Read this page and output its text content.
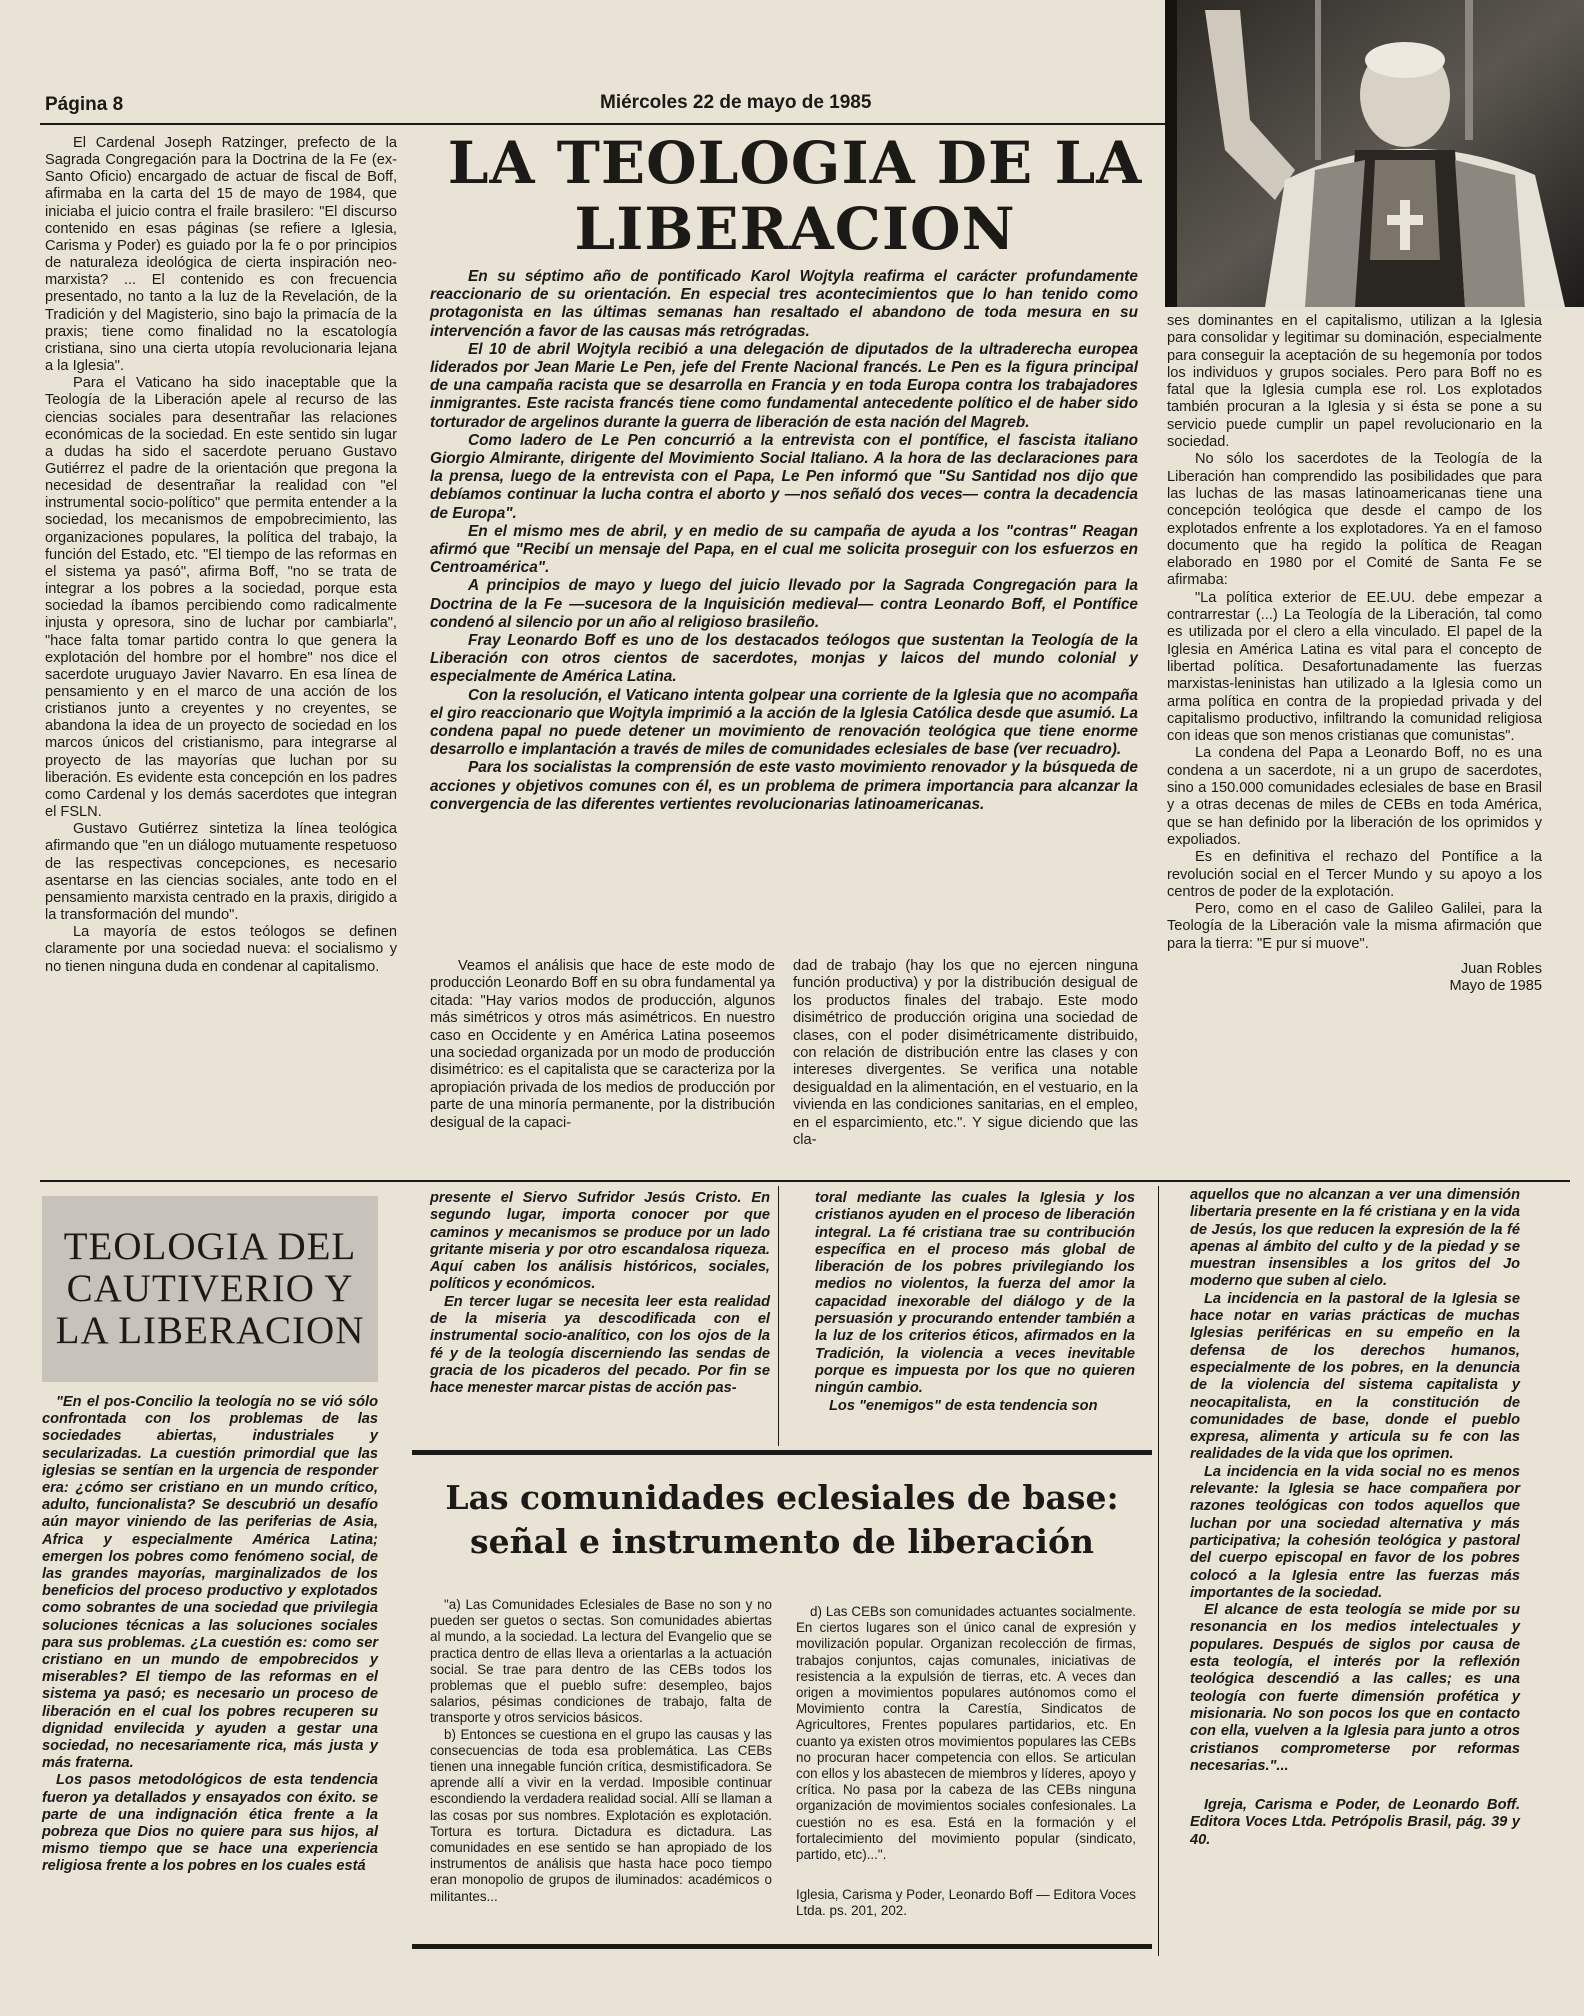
Página 8	Miércoles 22 de mayo de 1985
LA TEOLOGIA DE LA
LIBERACION

En su séptimo año de pontificado Karol Wojtyla reafirma el carácter profundamente reaccionario de su orientación. En especial tres acontecimientos que lo han tenido como protagonista en las últimas semanas han resaltado el abandono de toda mesura en su intervención a favor de las causas más retrógradas.

El 10 de abril Wojtyla recibió a una delegación de diputados de la ultraderecha europea liderados por Jean Marie Le Pen, jefe del Frente Nacional francés. Le Pen es la figura principal de una campaña racista que se desarrolla en Francia y en toda Europa contra los trabajadores inmigrantes. Este racista francés tiene como fundamental antecedente político el de haber sido torturador de argelinos durante la guerra de liberación de esta nación del Magreb.

Como ladero de Le Pen concurrió a la entrevista con el pontífice, el fascista italiano Giorgio Almirante, dirigente del Movimiento Social Italiano. A la hora de las declaraciones para la prensa, luego de la entrevista con el Papa, Le Pen informó que "Su Santidad nos dijo que debíamos continuar la lucha contra el aborto y —nos señaló dos veces— contra la decadencia de Europa".

En el mismo mes de abril, y en medio de su campaña de ayuda a los "contras" Reagan afirmó que "Recibí un mensaje del Papa, en el cual me solicita proseguir con los esfuerzos en Centroamérica".

A principios de mayo y luego del juicio llevado por la Sagrada Congregación para la Doctrina de la Fe —sucesora de la Inquisición medieval— contra Leonardo Boff, el Pontífice condenó al silencio por un año al religioso brasileño.

Fray Leonardo Boff es uno de los destacados teólogos que sustentan la Teología de la Liberación con otros cientos de sacerdotes, monjas y laicos del mundo colonial y especialmente de América Latina.

Con la resolución, el Vaticano intenta golpear una corriente de la Iglesia que no acompaña el giro reaccionario que Wojtyla imprimió a la acción de la Iglesia Católica desde que asumió. La condena papal no puede detener un movimiento de renovación teológica que tiene enorme desarrollo e implantación a través de miles de comunidades eclesiales de base (ver recuadro).

Para los socialistas la comprensión de este vasto movimiento renovador y la búsqueda de acciones y objetivos comunes con él, es un problema de primera importancia para alcanzar la convergencia de las diferentes vertientes revolucionarias latinoamericanas.

El Cardenal Joseph Ratzinger, prefecto de la Sagrada Congregación para la Doctrina de la Fe (ex-Santo Oficio) encargado de actuar de fiscal de Boff, afirmaba en la carta del 15 de mayo de 1984, que iniciaba el juicio contra el fraile brasilero: "El discurso contenido en esas páginas (se refiere a Iglesia, Carisma y Poder) es guiado por la fe o por principios de naturaleza ideológica de cierta inspiración neo-marxista? ... El contenido es con frecuencia presentado, no tanto a la luz de la Revelación, de la Tradición y del Magisterio, sino bajo la primacía de la praxis; tiene como finalidad no la escatología cristiana, sino una cierta utopía revolucionaria lejana a la Iglesia".

Para el Vaticano ha sido inaceptable que la Teología de la Liberación apele al recurso de las ciencias sociales para desentrañar las relaciones económicas de la sociedad. En este sentido sin lugar a dudas ha sido el sacerdote peruano Gustavo Gutiérrez el padre de la orientación que pregona la necesidad de desentrañar la realidad con "el instrumental socio-político" que permita entender a la sociedad, los mecanismos de empobrecimiento, las organizaciones populares, la política del trabajo, la función del Estado, etc. "El tiempo de las reformas en el sistema ya pasó", afirma Boff, "no se trata de integrar a los pobres a la sociedad, porque esta sociedad la íbamos percibiendo como radicalmente injusta y opresora, sino de luchar por cambiarla", "hace falta tomar partido contra lo que genera la explotación del hombre por el hombre" nos dice el sacerdote uruguayo Javier Navarro. En esa línea de pensamiento y en el marco de una acción de los cristianos junto a creyentes y no creyentes, se abandona la idea de un proyecto de sociedad en los marcos únicos del cristianismo, para integrarse al proyecto de las mayorías que luchan por su liberación. Es evidente esta concepción en los padres como Cardenal y los demás sacerdotes que integran el FSLN.

Gustavo Gutiérrez sintetiza la línea teológica afirmando que "en un diálogo mutuamente respetuoso de las respectivas concepciones, es necesario asentarse en las ciencias sociales, ante todo en el pensamiento marxista centrado en la praxis, dirigido a la transformación del mundo".

La mayoría de estos teólogos se definen claramente por una sociedad nueva: el socialismo y no tienen ninguna duda en condenar al capitalismo.	Veamos el análisis que hace de este modo de producción Leonardo Boff en su obra fundamental ya citada: "Hay varios modos de producción, algunos más simétricos y otros más asimétricos. En nuestro caso en Occidente y en América Latina poseemos una sociedad organizada por un modo de producción disimétrico: es el capitalista que se caracteriza por la apropiación privada de los medios de producción por parte de una minoría permanente, por la distribución desigual de la capaci-

dad de trabajo (hay los que no ejercen ninguna función productiva) y por la distribución desigual de los productos finales del trabajo. Este modo disimétrico de producción origina una sociedad de clases, con el poder disimétricamente distribuido, con relación de distribución entre las clases y con intereses divergentes. Se verifica una notable desigualdad en la alimentación, en el vestuario, en la vivienda en las condiciones sanitarias, en el empleo, en el esparcimiento, etc.". Y sigue diciendo que las cla-

ses dominantes en el capitalismo, utilizan a la Iglesia para consolidar y legitimar su dominación, especialmente para conseguir la aceptación de su hegemonía por todos los individuos y grupos sociales. Pero para Boff no es fatal que la Iglesia cumpla ese rol. Los explotados también procuran a la Iglesia y si ésta se pone a su servicio puede cumplir un papel revolucionario en la sociedad.

No sólo los sacerdotes de la Teología de la Liberación han comprendido las posibilidades que para las luchas de las masas latinoamericanas tiene una concepción teológica que desde el campo de los explotados enfrente a los explotadores. Ya en el famoso documento que ha regido la política de Reagan elaborado en 1980 por el Comité de Santa Fe se afirmaba:

"La política exterior de EE.UU. debe empezar a contrarrestar (...) La Teología de la Liberación, tal como es utilizada por el clero a ella vinculado. El papel de la Iglesia en América Latina es vital para el concepto de libertad política. Desafortunadamente las fuerzas marxistas-leninistas han utilizado a la Iglesia como un arma política en contra de la propiedad privada y del capitalismo productivo, infiltrando la comunidad religiosa con ideas que son menos cristianas que comunistas".

La condena del Papa a Leonardo Boff, no es una condena a un sacerdote, ni a un grupo de sacerdotes, sino a 150.000 comunidades eclesiales de base en Brasil y a otras decenas de miles de CEBs en toda América, que se han definido por la liberación de los oprimidos y expoliados.

Es en definitiva el rechazo del Pontífice a la revolución social en el Tercer Mundo y su apoyo a los centros de poder de la explotación.

Pero, como en el caso de Galileo Galilei, para la Teología de la Liberación vale la misma afirmación que para la tierra: "E pur si muove".

Juan Robles
Mayo de 1985
TEOLOGIA DEL
CAUTIVERIO Y
LA LIBERACION

"En el pos-Concilio la teología no se vió sólo confrontada con los problemas de las sociedades abiertas, industriales y secularizadas. La cuestión primordial que las iglesias se sentían en la urgencia de responder era: ¿cómo ser cristiano en un mundo crítico, adulto, funcionalista? Se descubrió un desafío aún mayor viniendo de las periferias de Asia, Africa y especialmente América Latina; emergen los pobres como fenómeno social, de las grandes mayorías, marginalizados de los beneficios del proceso productivo y explotados como sobrantes de una sociedad que privilegia soluciones técnicas a las soluciones sociales para sus problemas. ¿La cuestión es: como ser cristiano en un mundo de empobrecidos y miserables? El tiempo de las reformas en el sistema ya pasó; es necesario un proceso de liberación en el cual los pobres recuperen su dignidad envilecida y ayuden a gestar una sociedad, no necesariamente rica, más justa y más fraterna.

Los pasos metodológicos de esta tendencia fueron ya detallados y ensayados con éxito. se parte de una indignación ética frente a la pobreza que Dios no quiere para sus hijos, al mismo tiempo que se hace una experiencia religiosa frente a los pobres en los cuales está

presente el Siervo Sufridor Jesús Cristo. En segundo lugar, importa conocer por que caminos y mecanismos se produce por un lado gritante miseria y por otro escandalosa riqueza. Aquí caben los análisis históricos, sociales, políticos y económicos.

En tercer lugar se necesita leer esta realidad de la miseria ya descodificada con el instrumental socio-analítico, con los ojos de la fé y de la teología discerniendo las sendas de gracia de los picaderos del pecado. Por fin se hace menester marcar pistas de acción pas-

toral mediante las cuales la Iglesia y los cristianos ayuden en el proceso de liberación integral. La fé cristiana trae su contribución específica en el proceso más global de liberación de los pobres privilegiando los medios no violentos, la fuerza del amor la capacidad inexorable del diálogo y de la persuasión y procurando entender también a la luz de los criterios éticos, afirmados en la Tradición, la violencia a veces inevitable porque es impuesta por los que no quieren ningún cambio.

Los "enemigos" de esta tendencia son

aquellos que no alcanzan a ver una dimensión libertaria presente en la fé cristiana y en la vida de Jesús, los que reducen la expresión de la fé apenas al ámbito del culto y de la piedad y se muestran insensibles a los gritos del Jo moderno que suben al cielo.

La incidencia en la pastoral de la Iglesia se hace notar en varias prácticas de muchas Iglesias periféricas en su empeño en la defensa de los derechos humanos, especialmente de los pobres, en la denuncia de la violencia del sistema capitalista y neocapitalista, en la constitución de comunidades de base, donde el pueblo expresa, alimenta y articula su fe con las realidades de la vida que los oprimen.

La incidencia en la vida social no es menos relevante: la Iglesia se hace compañera por razones teológicas con todos aquellos que luchan por una sociedad alternativa y más participativa; la cohesión teológica y pastoral del cuerpo episcopal en favor de los pobres colocó a la Iglesia entre las fuerzas más importantes de la sociedad.

El alcance de esta teología se mide por su resonancia en los medios intelectuales y populares. Después de siglos por causa de esta teología, el interés por la reflexión teológica descendió a las calles; es una teología con fuerte dimensión profética y misionaria. No son pocos los que en contacto con ella, vuelven a la Iglesia para junto a otros cristianos comprometerse por reformas necesarias."...

Igreja, Carisma e Poder, de Leonardo Boff. Editora Voces Ltda. Petrópolis Brasil, pág. 39 y 40.

Las comunidades eclesiales de base:
señal e instrumento de liberación

"a) Las Comunidades Eclesiales de Base no son y no pueden ser guetos o sectas. Son comunidades abiertas al mundo, a la sociedad. La lectura del Evangelio que se practica dentro de ellas lleva a orientarlas a la actuación social. Se trae para dentro de las CEBs todos los problemas que el pueblo sufre: desempleo, bajos salarios, pésimas condiciones de trabajo, falta de transporte y otros servicios básicos.

b) Entonces se cuestiona en el grupo las causas y las consecuencias de toda esa problemática. Las CEBs tienen una innegable función crítica, desmistificadora. Se aprende allí a vivir en la verdad. Imposible continuar escondiendo la verdadera realidad social. Allí se llaman a las cosas por sus nombres. Explotación es explotación. Tortura es tortura. Dictadura es dictadura. Las comunidades en ese sentido se han apropiado de los instrumentos de análisis que hasta hace poco tiempo eran monopolio de grupos de iluminados: académicos o militantes...

d) Las CEBs son comunidades actuantes socialmente. En ciertos lugares son el único canal de expresión y movilización popular. Organizan recolección de firmas, trabajos conjuntos, cajas comunales, iniciativas de resistencia a la expulsión de tierras, etc. A veces dan origen a movimientos populares autónomos como el Movimiento contra la Carestía, Sindicatos de Agricultores, Frentes populares partidarios, etc. En cuanto ya existen otros movimientos populares las CEBs no procuran hacer competencia con ellos. Se articulan con ellos y los abastecen de miembros y líderes, apoyo y crítica. No pasa por la cabeza de las CEBs ninguna organización de movimientos sociales confesionales. La cuestión no es esa. Está en la formación y el fortalecimiento del movimiento popular (sindicato, partido, etc)...".

Iglesia, Carisma y Poder, Leonardo Boff — Editora Voces Ltda. ps. 201, 202.
